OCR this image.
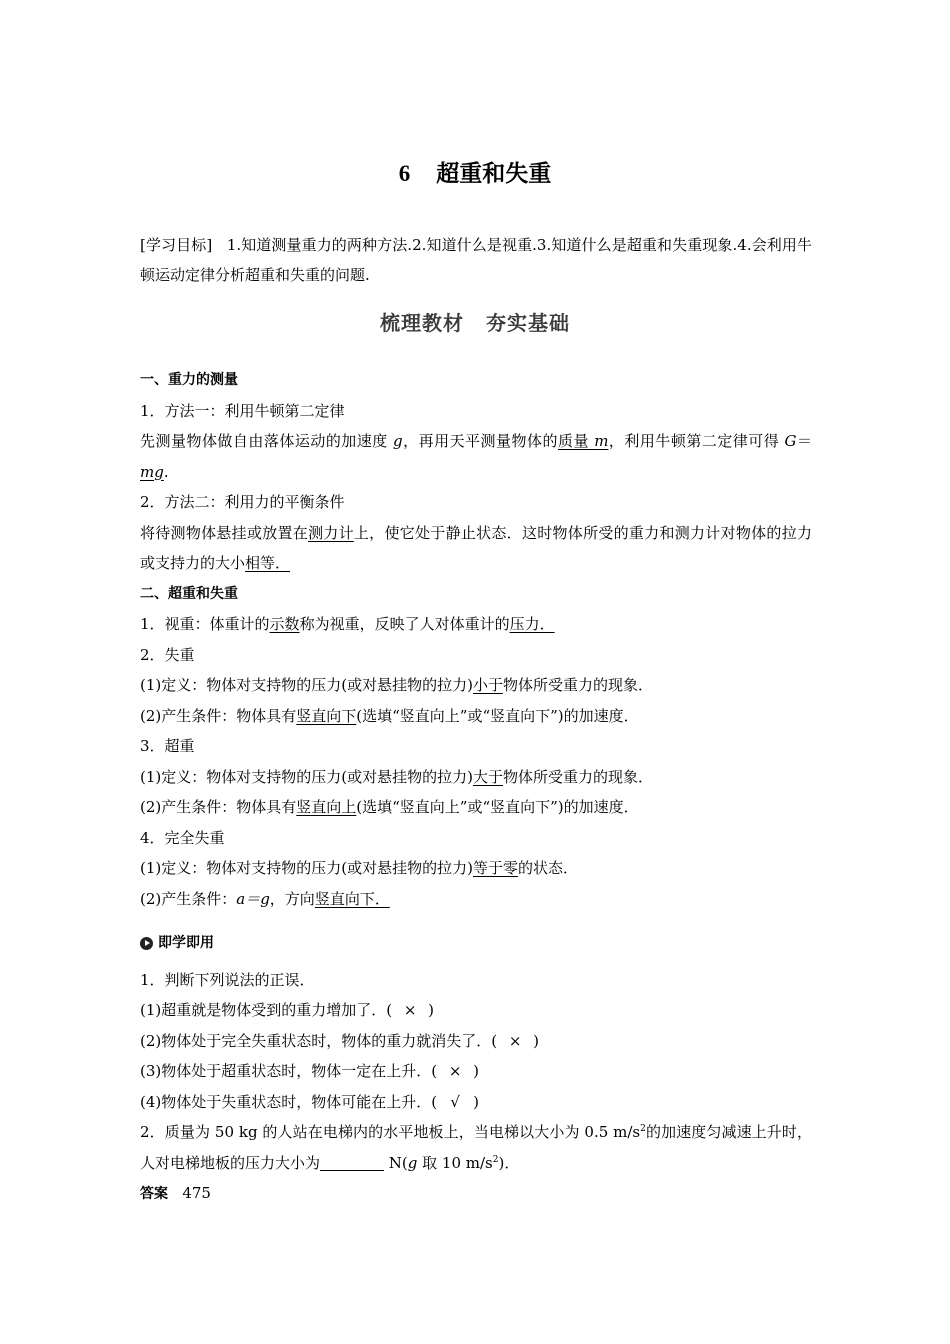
6 超重和失重
[学习目标] 1.知道测量重力的两种方法.2.知道什么是视重.3.知道什么是超重和失重现象.4.会利用牛顿运动定律分析超重和失重的问题.
梳理教材 夯实基础
一、重力的测量
1．方法一：利用牛顿第二定律
先测量物体做自由落体运动的加速度 g，再用天平测量物体的质量 m，利用牛顿第二定律可得 G＝mg.
2．方法二：利用力的平衡条件
将待测物体悬挂或放置在测力计上，使它处于静止状态．这时物体所受的重力和测力计对物体的拉力或支持力的大小相等．
二、超重和失重
1．视重：体重计的示数称为视重，反映了人对体重计的压力．
2．失重
(1)定义：物体对支持物的压力(或对悬挂物的拉力)小于物体所受重力的现象．
(2)产生条件：物体具有竖直向下(选填“竖直向上”或“竖直向下”)的加速度．
3．超重
(1)定义：物体对支持物的压力(或对悬挂物的拉力)大于物体所受重力的现象．
(2)产生条件：物体具有竖直向上(选填“竖直向上”或“竖直向下”)的加速度．
4．完全失重
(1)定义：物体对支持物的压力(或对悬挂物的拉力)等于零的状态．
(2)产生条件：a＝g，方向竖直向下．
即学即用
1．判断下列说法的正误．
(1)超重就是物体受到的重力增加了．( × )
(2)物体处于完全失重状态时，物体的重力就消失了．( × )
(3)物体处于超重状态时，物体一定在上升．( × )
(4)物体处于失重状态时，物体可能在上升．( √ )
2．质量为 50 kg 的人站在电梯内的水平地板上，当电梯以大小为 0.5 $m/s^2$的加速度匀减速上升时，人对电梯地板的压力大小为	N(g 取 10 $m/s^2$)．
答案 475
